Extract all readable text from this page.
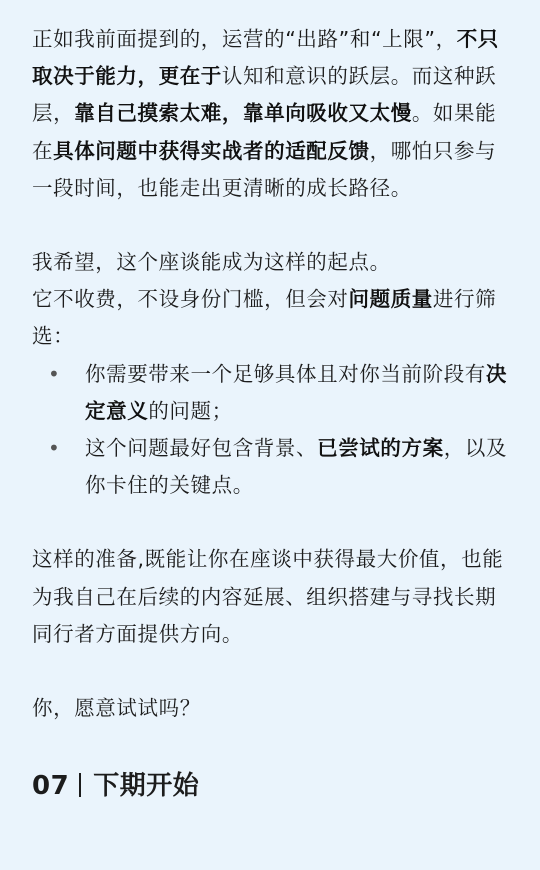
正如我前面提到的，运营的“出路”和“上限”，不只取决于能力，更在于认知和意识的跃层。而这种跃层，靠自己摸索太难，靠单向吸收又太慢。如果能在具体问题中获得实战者的适配反馈，哪怕只参与一段时间，也能走出更清晰的成长路径。

我希望，这个座谈能成为这样的起点。
它不收费，不设身份门槛，但会对问题质量进行筛选：

• 你需要带来一个足够具体且对你当前阶段有决定意义的问题；
• 这个问题最好包含背景、已尝试的方案，以及你卡住的关键点。

这样的准备,既能让你在座谈中获得最大价值，也能为我自己在后续的内容延展、组织搭建与寻找长期同行者方面提供方向。

你，愿意试试吗？

07 下期开始
